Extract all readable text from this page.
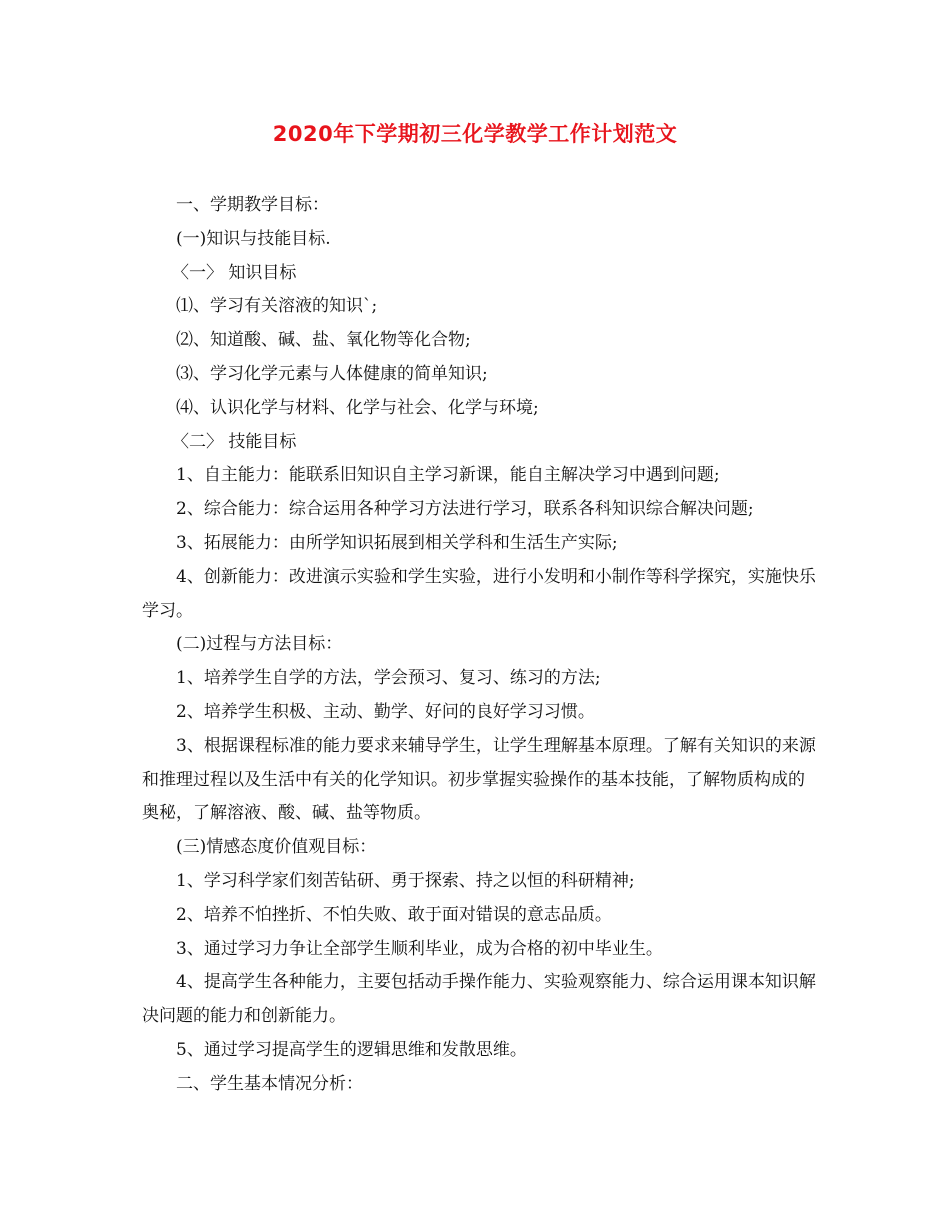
2020年下学期初三化学教学工作计划范文

一、学期教学目标：

(一)知识与技能目标.

〈一〉 知识目标

⑴、学习有关溶液的知识`;

⑵、知道酸、碱、盐、氧化物等化合物;

⑶、学习化学元素与人体健康的简单知识;

⑷、认识化学与材料、化学与社会、化学与环境;

〈二〉 技能目标

1、自主能力：能联系旧知识自主学习新课，能自主解决学习中遇到问题;

2、综合能力：综合运用各种学习方法进行学习，联系各科知识综合解决问题;

3、拓展能力：由所学知识拓展到相关学科和生活生产实际;

4、创新能力：改进演示实验和学生实验，进行小发明和小制作等科学探究，实施快乐学习。

(二)过程与方法目标：

1、培养学生自学的方法，学会预习、复习、练习的方法;

2、培养学生积极、主动、勤学、好问的良好学习习惯。

3、根据课程标准的能力要求来辅导学生，让学生理解基本原理。了解有关知识的来源和推理过程以及生活中有关的化学知识。初步掌握实验操作的基本技能，了解物质构成的奥秘，了解溶液、酸、碱、盐等物质。

(三)情感态度价值观目标：

1、学习科学家们刻苦钻研、勇于探索、持之以恒的科研精神;

2、培养不怕挫折、不怕失败、敢于面对错误的意志品质。

3、通过学习力争让全部学生顺利毕业，成为合格的初中毕业生。

4、提高学生各种能力，主要包括动手操作能力、实验观察能力、综合运用课本知识解决问题的能力和创新能力。

5、通过学习提高学生的逻辑思维和发散思维。

二、学生基本情况分析：
